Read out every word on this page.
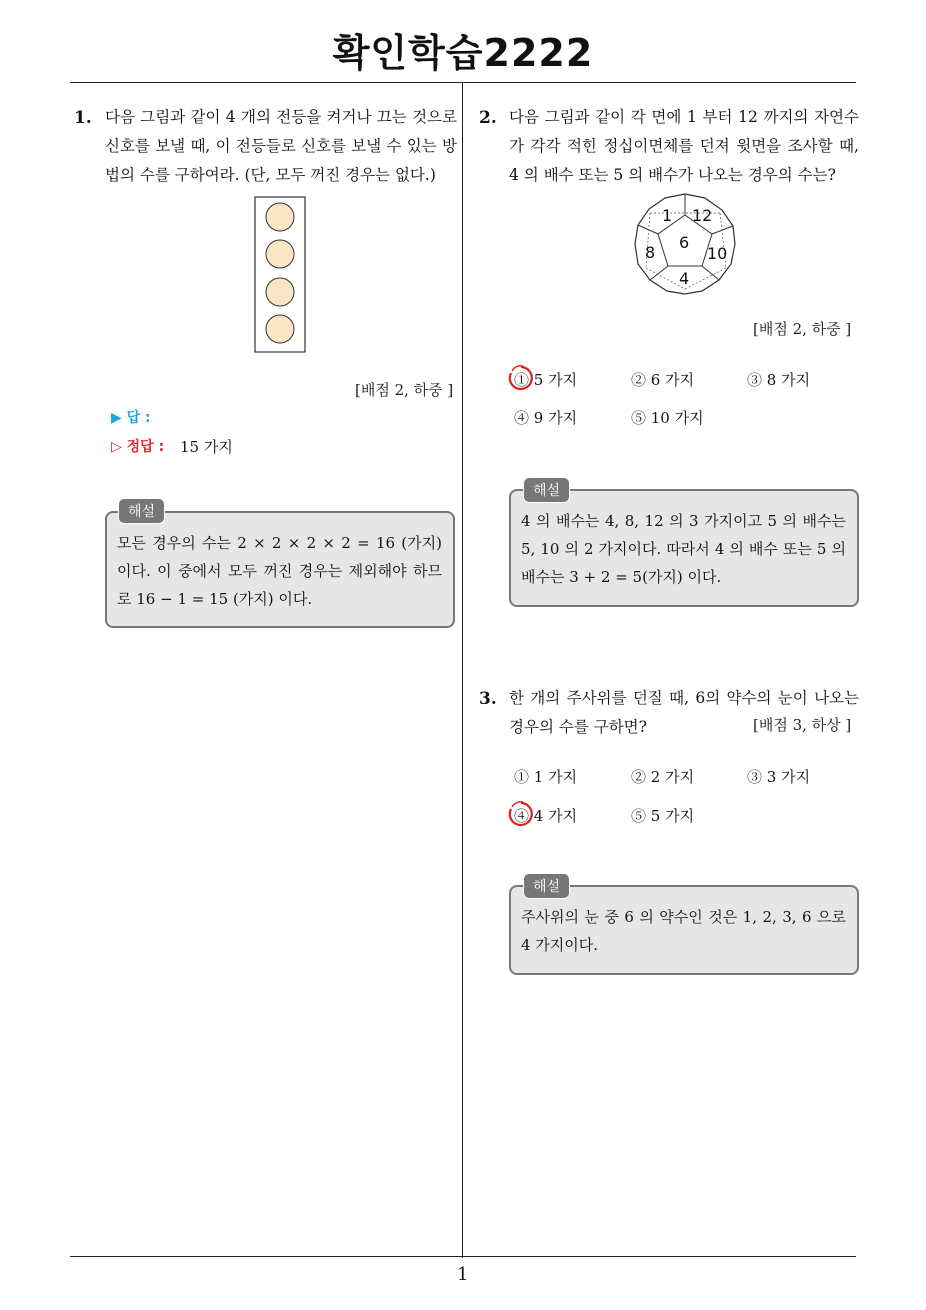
확인학습2222
1. 다음 그림과 같이 4 개의 전등을 켜거나 끄는 것으로 신호를 보낼 때, 이 전등들로 신호를 보낼 수 있는 방법의 수를 구하여라. (단, 모두 꺼진 경우는 없다.)
[배점 2, 하중 ]
▶ 답 :
▷ 정답 : 15 가지
해설
모든 경우의 수는 2 × 2 × 2 × 2 = 16 (가지) 이다. 이 중에서 모두 꺼진 경우는 제외해야 하므로 16 − 1 = 15 (가지) 이다.
2. 다음 그림과 같이 각 면에 1 부터 12 까지의 자연수가 각각 적힌 정십이면체를 던져 윗면을 조사할 때, 4 의 배수 또는 5 의 배수가 나오는 경우의 수는?
1 12
6
8	10
4
[배점 2, 하중 ]
① 5 가지	② 6 가지	③ 8 가지
④ 9 가지	⑤ 10 가지
해설
4 의 배수는 4, 8, 12 의 3 가지이고 5 의 배수는 5, 10 의 2 가지이다. 따라서 4 의 배수 또는 5 의 배수는 3 + 2 = 5(가지) 이다.
3. 한 개의 주사위를 던질 때, 6의 약수의 눈이 나오는 경우의 수를 구하면?	[배점 3, 하상 ]
① 1 가지	② 2 가지	③ 3 가지
④ 4 가지	⑤ 5 가지
해설
주사위의 눈 중 6 의 약수인 것은 1, 2, 3, 6 으로 4 가지이다.
1
